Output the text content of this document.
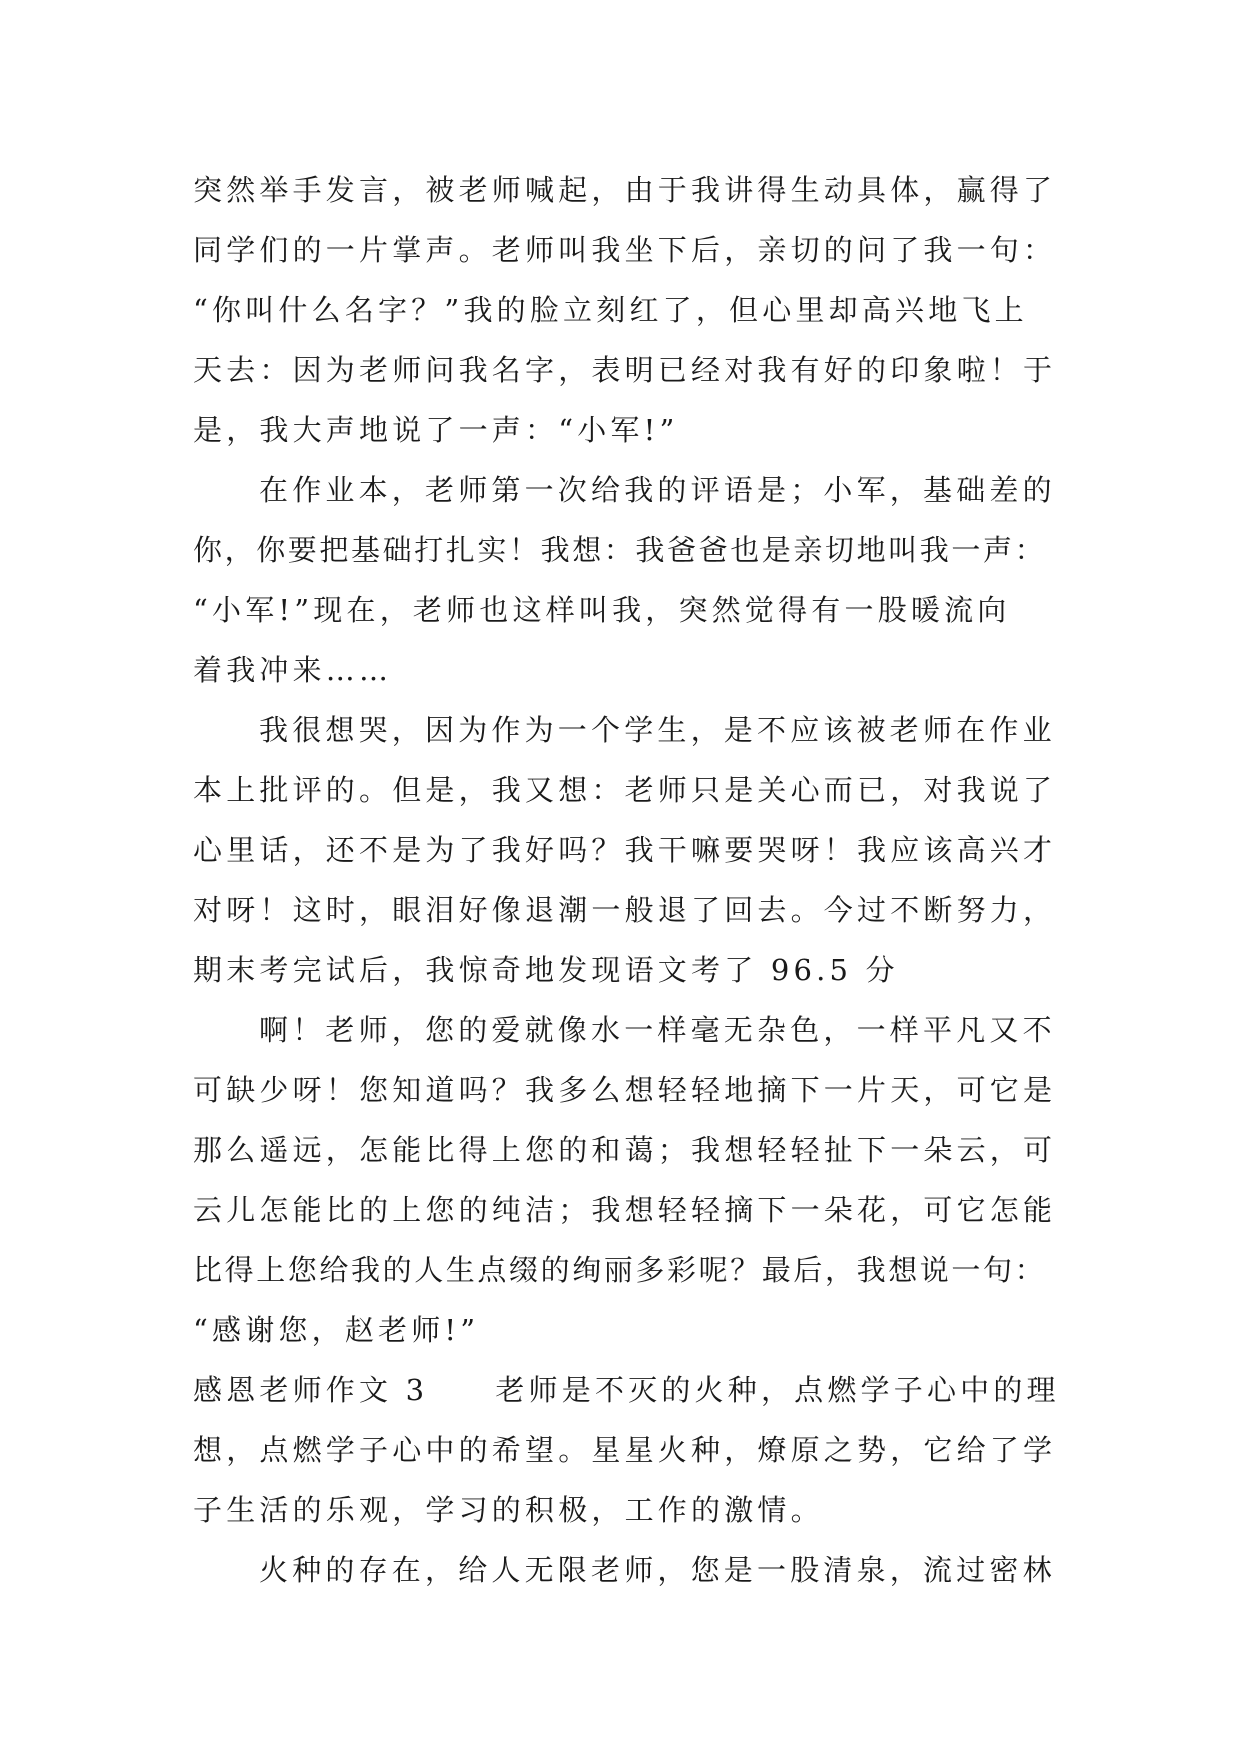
突然举手发言，被老师喊起，由于我讲得生动具体，赢得了
同学们的一片掌声。老师叫我坐下后，亲切的问了我一句：
“你叫什么名字？”我的脸立刻红了，但心里却高兴地飞上
天去：因为老师问我名字，表明已经对我有好的印象啦！于
是，我大声地说了一声：“小军!”
在作业本，老师第一次给我的评语是；小军，基础差的
你，你要把基础打扎实！我想：我爸爸也是亲切地叫我一声：
“小军!”现在，老师也这样叫我，突然觉得有一股暖流向
着我冲来……
我很想哭，因为作为一个学生，是不应该被老师在作业
本上批评的。但是，我又想：老师只是关心而已，对我说了
心里话，还不是为了我好吗？我干嘛要哭呀！我应该高兴才
对呀！这时，眼泪好像退潮一般退了回去。今过不断努力，
期末考完试后，我惊奇地发现语文考了 96.5 分
啊！老师，您的爱就像水一样毫无杂色，一样平凡又不
可缺少呀！您知道吗？我多么想轻轻地摘下一片天，可它是
那么遥远，怎能比得上您的和蔼；我想轻轻扯下一朵云，可
云儿怎能比的上您的纯洁；我想轻轻摘下一朵花，可它怎能
比得上您给我的人生点缀的绚丽多彩呢？最后，我想说一句：
“感谢您，赵老师!”
感恩老师作文 3     老师是不灭的火种，点燃学子心中的理
想，点燃学子心中的希望。星星火种，燎原之势，它给了学
子生活的乐观，学习的积极，工作的激情。
火种的存在，给人无限老师，您是一股清泉，流过密林
